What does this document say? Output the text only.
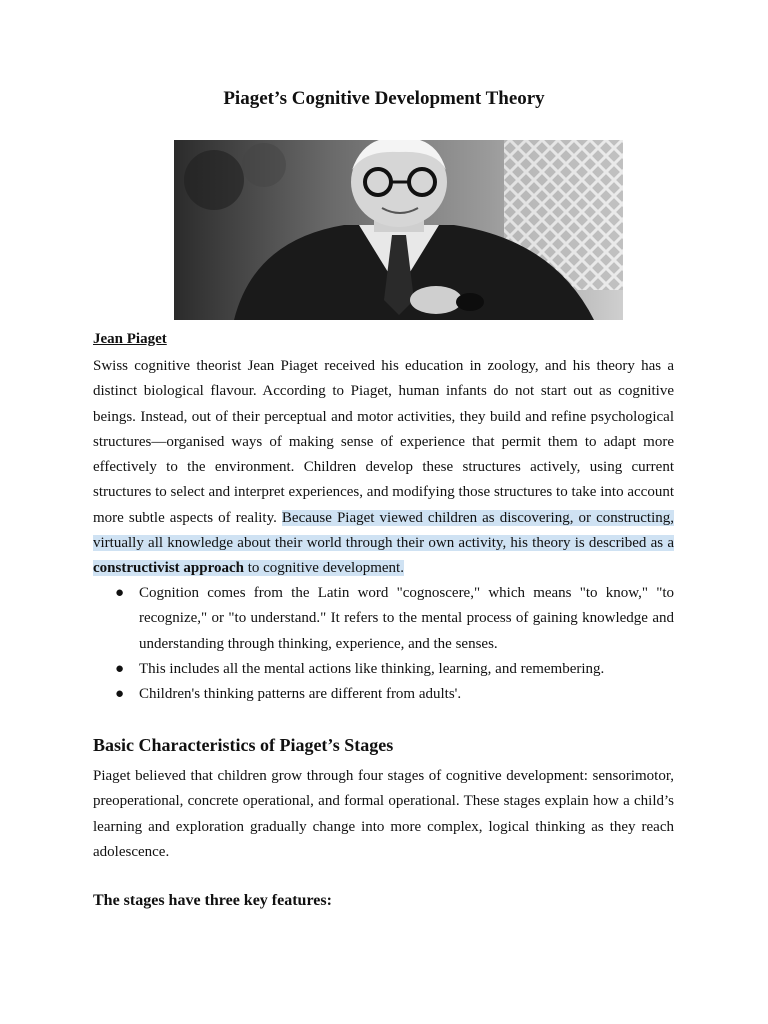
Piaget’s Cognitive Development Theory
Jean Piaget
Swiss cognitive theorist Jean Piaget received his education in zoology, and his theory has a distinct biological flavour. According to Piaget, human infants do not start out as cognitive beings. Instead, out of their perceptual and motor activities, they build and refine psychological structures—organised ways of making sense of experience that permit them to adapt more effectively to the environment. Children develop these structures actively, using current structures to select and interpret experiences, and modifying those structures to take into account more subtle aspects of reality. Because Piaget viewed children as discovering, or constructing, virtually all knowledge about their world through their own activity, his theory is described as a constructivist approach to cognitive development.
● Cognition comes from the Latin word "cognoscere," which means "to know," "to recognize," or "to understand." It refers to the mental process of gaining knowledge and understanding through thinking, experience, and the senses.
● This includes all the mental actions like thinking, learning, and remembering.
● Children's thinking patterns are different from adults'.
Basic Characteristics of Piaget’s Stages
Piaget believed that children grow through four stages of cognitive development: sensorimotor, preoperational, concrete operational, and formal operational. These stages explain how a child’s learning and exploration gradually change into more complex, logical thinking as they reach adolescence.
The stages have three key features:
